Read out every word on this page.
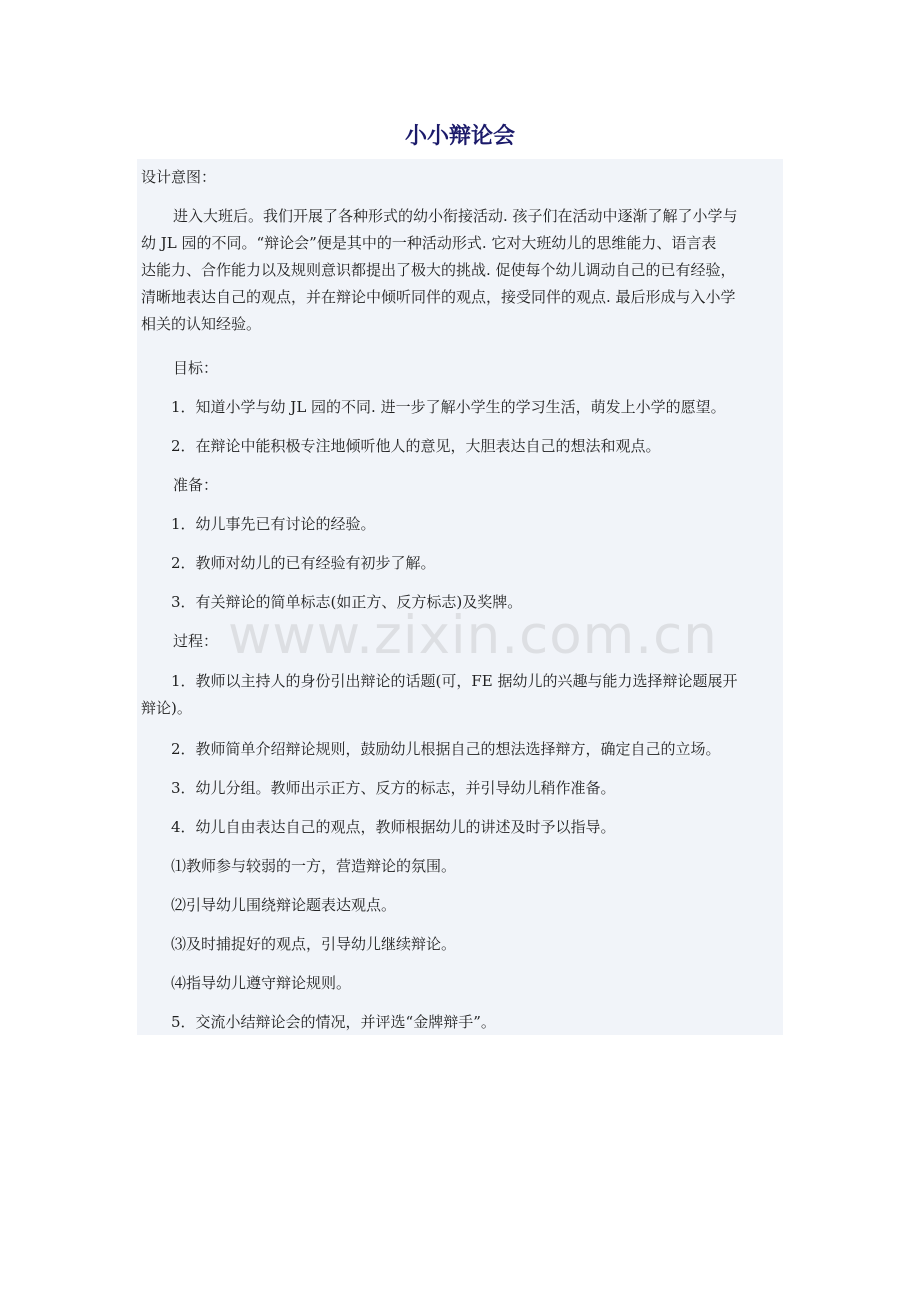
小小辩论会

设计意图：

进入大班后。我们开展了各种形式的幼小衔接活动. 孩子们在活动中逐渐了解了小学与

幼 JL 园的不同。“辩论会”便是其中的一种活动形式. 它对大班幼儿的思维能力、语言表

达能力、合作能力以及规则意识都提出了极大的挑战. 促使每个幼儿调动自己的已有经验，

清晰地表达自己的观点，并在辩论中倾听同伴的观点，接受同伴的观点. 最后形成与入小学

相关的认知经验。

目标：

1．知道小学与幼 JL 园的不同. 进一步了解小学生的学习生活，萌发上小学的愿望。

2．在辩论中能积极专注地倾听他人的意见，大胆表达自己的想法和观点。

准备：

1．幼儿事先已有讨论的经验。

2．教师对幼儿的已有经验有初步了解。

3．有关辩论的简单标志(如正方、反方标志)及奖牌。

过程：

1．教师以主持人的身份引出辩论的话题(可，FE 据幼儿的兴趣与能力选择辩论题展开

辩论)。

2．教师简单介绍辩论规则，鼓励幼儿根据自己的想法选择辩方，确定自己的立场。

3．幼儿分组。教师出示正方、反方的标志，并引导幼儿稍作准备。

4．幼儿自由表达自己的观点，教师根据幼儿的讲述及时予以指导。

⑴教师参与较弱的一方，营造辩论的氛围。

⑵引导幼儿围绕辩论题表达观点。

⑶及时捕捉好的观点，引导幼儿继续辩论。

⑷指导幼儿遵守辩论规则。

5．交流小结辩论会的情况，并评选“金牌辩手”。

www.zixin.com.cn
